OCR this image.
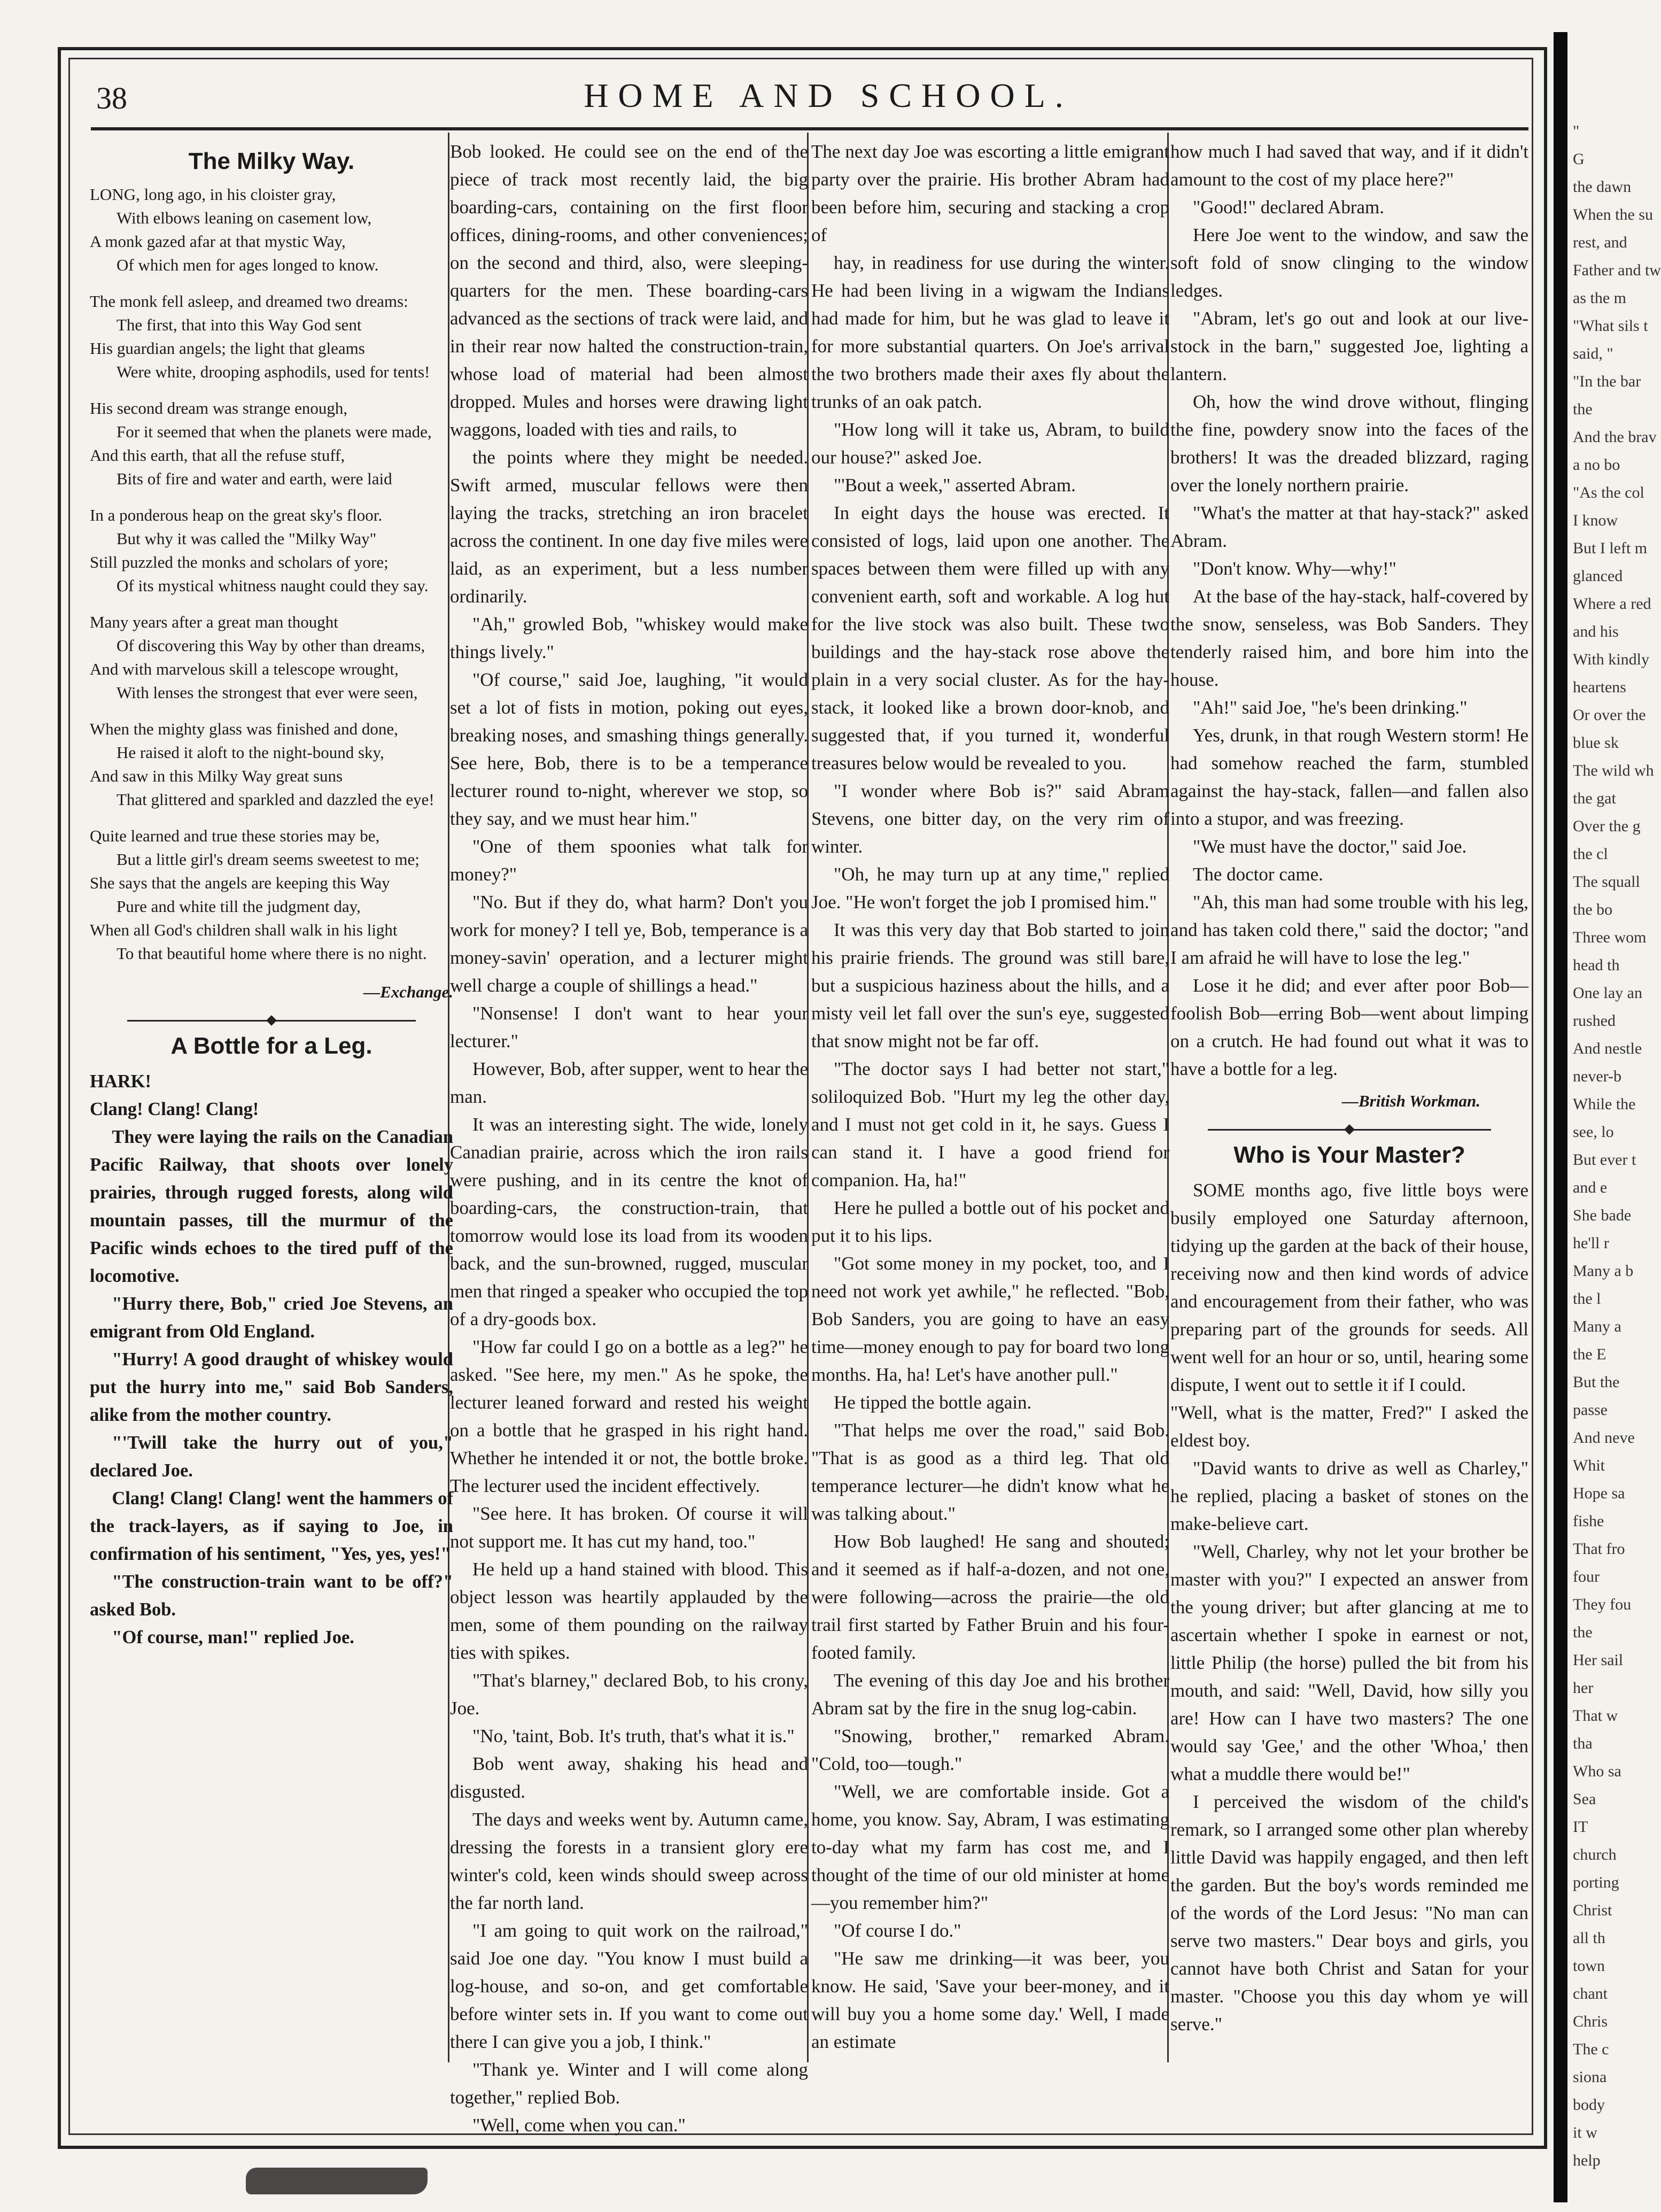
38	HOME AND SCHOOL.
The Milky Way.
LONG, long ago, in his cloister gray,
With elbows leaning on casement low,
A monk gazed afar at that mystic Way,
Of which men for ages longed to know.
The monk fell asleep, and dreamed two dreams:
The first, that into this Way God sent
His guardian angels; the light that gleams
Were white, drooping asphodils, used for tents!
His second dream was strange enough,
For it seemed that when the planets were made,
And this earth, that all the refuse stuff,
Bits of fire and water and earth, were laid
In a ponderous heap on the great sky's floor.
But why it was called the "Milky Way"
Still puzzled the monks and scholars of yore;
Of its mystical whitness naught could they say.
Many years after a great man thought
Of discovering this Way by other than dreams,
And with marvelous skill a telescope wrought,
With lenses the strongest that ever were seen,
When the mighty glass was finished and done,
He raised it aloft to the night-bound sky,
And saw in this Milky Way great suns
That glittered and sparkled and dazzled the eye!
Quite learned and true these stories may be,
But a little girl's dream seems sweetest to me;
She says that the angels are keeping this Way
Pure and white till the judgment day,
When all God's children shall walk in his light
To that beautiful home where there is no night.
—Exchange.
A Bottle for a Leg.

HARK!

Clang! Clang! Clang!

They were laying the rails on the Canadian Pacific Railway, that shoots over lonely prairies, through rugged forests, along wild mountain passes, till the murmur of the Pacific winds echoes to the tired puff of the locomotive.

"Hurry there, Bob," cried Joe Stevens, an emigrant from Old England.

"Hurry! A good draught of whiskey would put the hurry into me," said Bob Sanders, alike from the mother country.

"'Twill take the hurry out of you," declared Joe.

Clang! Clang! Clang! went the hammers of the track-layers, as if saying to Joe, in confirmation of his sentiment, "Yes, yes, yes!"

"The construction-train want to be off?" asked Bob.

"Of course, man!" replied Joe.

Bob looked. He could see on the end of the piece of track most recently laid, the big boarding-cars, containing on the first floor offices, dining-rooms, and other conveniences; on the second and third, also, were sleeping-quarters for the men. These boarding-cars advanced as the sections of track were laid, and in their rear now halted the construction-train, whose load of material had been almost dropped. Mules and horses were drawing light waggons, loaded with ties and rails, to

the points where they might be needed. Swift armed, muscular fellows were then laying the tracks, stretching an iron bracelet across the continent. In one day five miles were laid, as an experiment, but a less number ordinarily.

"Ah," growled Bob, "whiskey would make things lively."

"Of course," said Joe, laughing, "it would set a lot of fists in motion, poking out eyes, breaking noses, and smashing things generally. See here, Bob, there is to be a temperance lecturer round to-night, wherever we stop, so they say, and we must hear him."

"One of them spoonies what talk for money?"

"No. But if they do, what harm? Don't you work for money? I tell ye, Bob, temperance is a money-savin' operation, and a lecturer might well charge a couple of shillings a head."

"Nonsense! I don't want to hear your lecturer."

However, Bob, after supper, went to hear the man.

It was an interesting sight. The wide, lonely Canadian prairie, across which the iron rails were pushing, and in its centre the knot of boarding-cars, the construction-train, that tomorrow would lose its load from its wooden back, and the sun-browned, rugged, muscular men that ringed a speaker who occupied the top of a dry-goods box.

"How far could I go on a bottle as a leg?" he asked. "See here, my men." As he spoke, the lecturer leaned forward and rested his weight on a bottle that he grasped in his right hand. Whether he intended it or not, the bottle broke. The lecturer used the incident effectively.

"See here. It has broken. Of course it will not support me. It has cut my hand, too."

He held up a hand stained with blood. This object lesson was heartily applauded by the men, some of them pounding on the railway ties with spikes.

"That's blarney," declared Bob, to his crony, Joe.

"No, 'taint, Bob. It's truth, that's what it is."

Bob went away, shaking his head and disgusted.

The days and weeks went by. Autumn came, dressing the forests in a transient glory ere winter's cold, keen winds should sweep across the far north land.

"I am going to quit work on the railroad," said Joe one day. "You know I must build a log-house, and so-on, and get comfortable before winter sets in. If you want to come out there I can give you a job, I think."

"Thank ye. Winter and I will come along together," replied Bob.

"Well, come when you can."

The next day Joe was escorting a little emigrant party over the prairie. His brother Abram had been before him, securing and stacking a crop of

hay, in readiness for use during the winter. He had been living in a wigwam the Indians had made for him, but he was glad to leave it for more substantial quarters. On Joe's arrival the two brothers made their axes fly about the trunks of an oak patch.

"How long will it take us, Abram, to build our house?" asked Joe.

"'Bout a week," asserted Abram.

In eight days the house was erected. It consisted of logs, laid upon one another. The spaces between them were filled up with any convenient earth, soft and workable. A log hut for the live stock was also built. These two buildings and the hay-stack rose above the plain in a very social cluster. As for the hay-stack, it looked like a brown door-knob, and suggested that, if you turned it, wonderful treasures below would be revealed to you.

"I wonder where Bob is?" said Abram Stevens, one bitter day, on the very rim of winter.

"Oh, he may turn up at any time," replied Joe. "He won't forget the job I promised him."

It was this very day that Bob started to join his prairie friends. The ground was still bare, but a suspicious haziness about the hills, and a misty veil let fall over the sun's eye, suggested that snow might not be far off.

"The doctor says I had better not start," soliloquized Bob. "Hurt my leg the other day, and I must not get cold in it, he says. Guess I can stand it. I have a good friend for companion. Ha, ha!"

Here he pulled a bottle out of his pocket and put it to his lips.

"Got some money in my pocket, too, and I need not work yet awhile," he reflected. "Bob, Bob Sanders, you are going to have an easy time—money enough to pay for board two long months. Ha, ha! Let's have another pull."

He tipped the bottle again.

"That helps me over the road," said Bob. "That is as good as a third leg. That old temperance lecturer—he didn't know what he was talking about."

How Bob laughed! He sang and shouted; and it seemed as if half-a-dozen, and not one, were following—across the prairie—the old trail first started by Father Bruin and his four-footed family.

The evening of this day Joe and his brother Abram sat by the fire in the snug log-cabin.

"Snowing, brother," remarked Abram. "Cold, too—tough."

"Well, we are comfortable inside. Got a home, you know. Say, Abram, I was estimating to-day what my farm has cost me, and I thought of the time of our old minister at home—you remember him?"

"Of course I do."

"He saw me drinking—it was beer, you know. He said, 'Save your beer-money, and it will buy you a home some day.' Well, I made an estimate

how much I had saved that way, and if it didn't amount to the cost of my place here?"

"Good!" declared Abram.

Here Joe went to the window, and saw the soft fold of snow clinging to the window ledges.

"Abram, let's go out and look at our live-stock in the barn," suggested Joe, lighting a lantern.

Oh, how the wind drove without, flinging the fine, powdery snow into the faces of the brothers! It was the dreaded blizzard, raging over the lonely northern prairie.

"What's the matter at that hay-stack?" asked Abram.

"Don't know. Why—why!"

At the base of the hay-stack, half-covered by the snow, senseless, was Bob Sanders. They tenderly raised him, and bore him into the house.

"Ah!" said Joe, "he's been drinking."

Yes, drunk, in that rough Western storm! He had somehow reached the farm, stumbled against the hay-stack, fallen—and fallen also into a stupor, and was freezing.

"We must have the doctor," said Joe.

The doctor came.

"Ah, this man had some trouble with his leg, and has taken cold there," said the doctor; "and I am afraid he will have to lose the leg."

Lose it he did; and ever after poor Bob—foolish Bob—erring Bob—went about limping on a crutch. He had found out what it was to have a bottle for a leg.

—British Workman.
Who is Your Master?

SOME months ago, five little boys were busily employed one Saturday afternoon, tidying up the garden at the back of their house, receiving now and then kind words of advice and encouragement from their father, who was preparing part of the grounds for seeds. All went well for an hour or so, until, hearing some dispute, I went out to settle it if I could.

"Well, what is the matter, Fred?" I asked the eldest boy.

"David wants to drive as well as Charley," he replied, placing a basket of stones on the make-believe cart.

"Well, Charley, why not let your brother be master with you?" I expected an answer from the young driver; but after glancing at me to ascertain whether I spoke in earnest or not, little Philip (the horse) pulled the bit from his mouth, and said: "Well, David, how silly you are! How can I have two masters? The one would say 'Gee,' and the other 'Whoa,' then what a muddle there would be!"

I perceived the wisdom of the child's remark, so I arranged some other plan whereby little David was happily engaged, and then left the garden. But the boy's words reminded me of the words of the Lord Jesus: "No man can serve two masters." Dear boys and girls, you cannot have both Christ and Satan for your master. "Choose you this day whom ye will serve."

"
G
the dawn
When the su
rest, and
Father and tw
as the m
"What sils t
said, "
"In the bar
the
And the brav
a no bo
"As the col
I know
But I left m
glanced
Where a red
and his
With kindly
heartens
Or over the
blue sk
The wild wh
the gat
Over the g
the cl
The squall
the bo
Three wom
head th
One lay an
rushed
And nestle
never-b
While the
see, lo
But ever t
and e
She bade
he'll r
Many a b
the l
Many a
the E
But the
passe
And neve
Whit
Hope sa
fishe
That fro
four
They fou
the
Her sail
her
That w
tha
Who sa
Sea
IT
church
porting
Christ
all th
town
chant
Chris
The c
siona
body
it w
help
